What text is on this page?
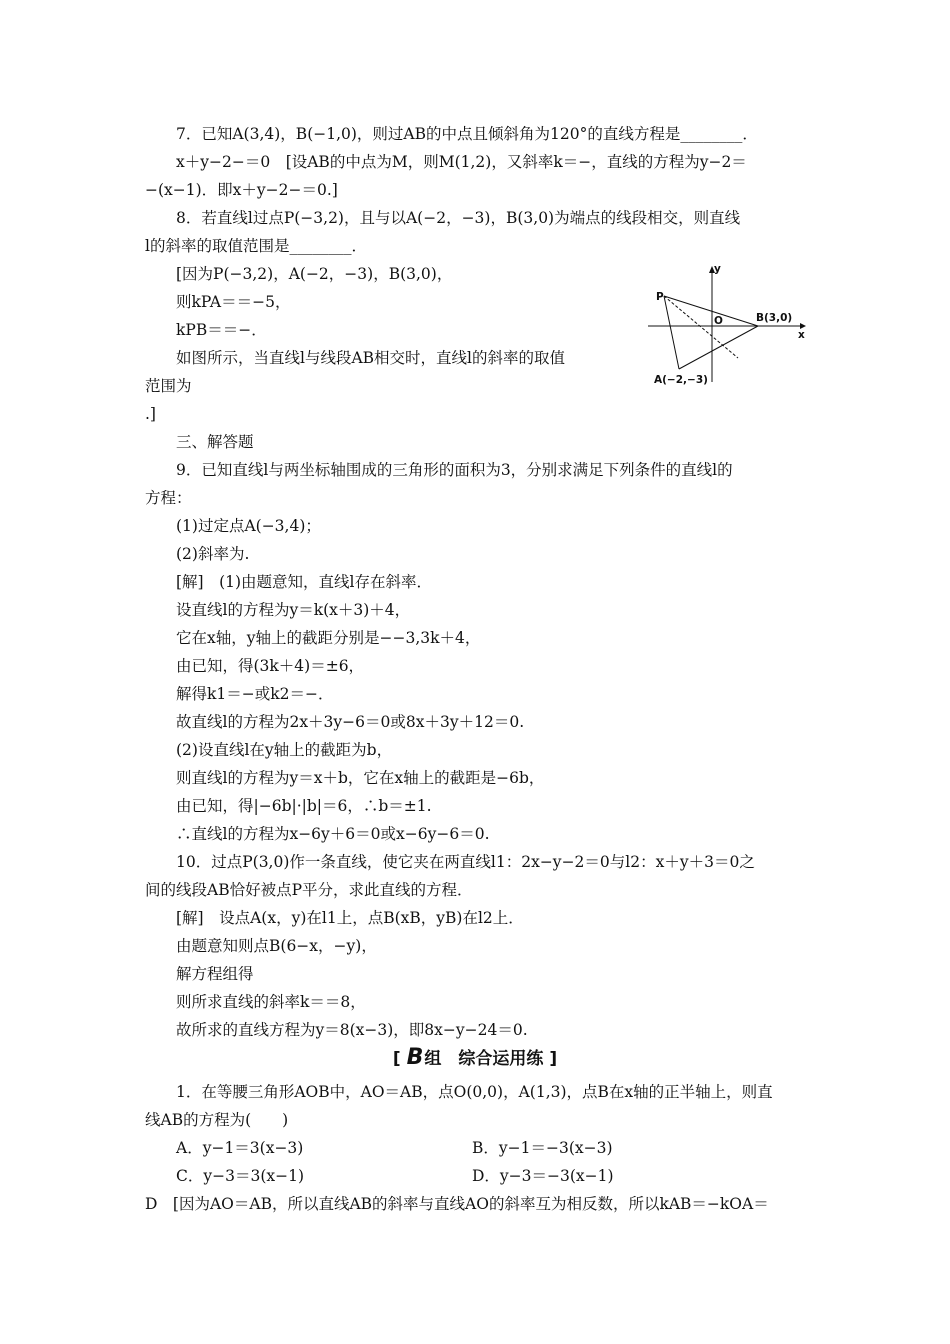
7．已知A(3,4)，B(−1,0)，则过AB的中点且倾斜角为120°的直线方程是________．
x＋y−2−＝0　[设AB的中点为M，则M(1,2)，又斜率k＝−，直线的方程为y−2＝
−(x−1)．即x＋y−2−＝0.]
8．若直线l过点P(−3,2)，且与以A(−2，−3)，B(3,0)为端点的线段相交，则直线
l的斜率的取值范围是________．
[因为P(−3,2)，A(−2，−3)，B(3,0)，
则kPA＝＝−5，
kPB＝＝−．
如图所示，当直线l与线段AB相交时，直线l的斜率的取值
范围为
.]
三、解答题
9．已知直线l与两坐标轴围成的三角形的面积为3，分别求满足下列条件的直线l的
方程：
(1)过定点A(−3,4)；
(2)斜率为.
[解]　(1)由题意知，直线l存在斜率．
设直线l的方程为y＝k(x＋3)＋4，
它在x轴，y轴上的截距分别是−−3,3k＋4，
由已知，得(3k＋4)＝±6，
解得k1＝−或k2＝−．
故直线l的方程为2x＋3y−6＝0或8x＋3y＋12＝0.
(2)设直线l在y轴上的截距为b，
则直线l的方程为y＝x＋b，它在x轴上的截距是−6b，
由已知，得|−6b|·|b|＝6，∴b＝±1.
∴直线l的方程为x−6y＋6＝0或x−6y−6＝0.
10．过点P(3,0)作一条直线，使它夹在两直线l1：2x−y−2＝0与l2：x＋y＋3＝0之
间的线段AB恰好被点P平分，求此直线的方程．
[解]　设点A(x，y)在l1上，点B(xB，yB)在l2上．
由题意知则点B(6−x，−y)，
解方程组得
则所求直线的斜率k＝＝8，
故所求的直线方程为y＝8(x−3)，即8x−y−24＝0.
1．在等腰三角形AOB中，AO＝AB，点O(0,0)，A(1,3)，点B在x轴的正半轴上，则直
线AB的方程为(　　)
D　[因为AO＝AB，所以直线AB的斜率与直线AO的斜率互为相反数，所以kAB＝−kOA＝
y
x
P
O	B(3,0)
A(−2,−3)
[ B组　综合运用练 ]
A．y−1＝3(x−3)	B．y−1＝−3(x−3)
C．y−3＝3(x−1)	D．y−3＝−3(x−1)
